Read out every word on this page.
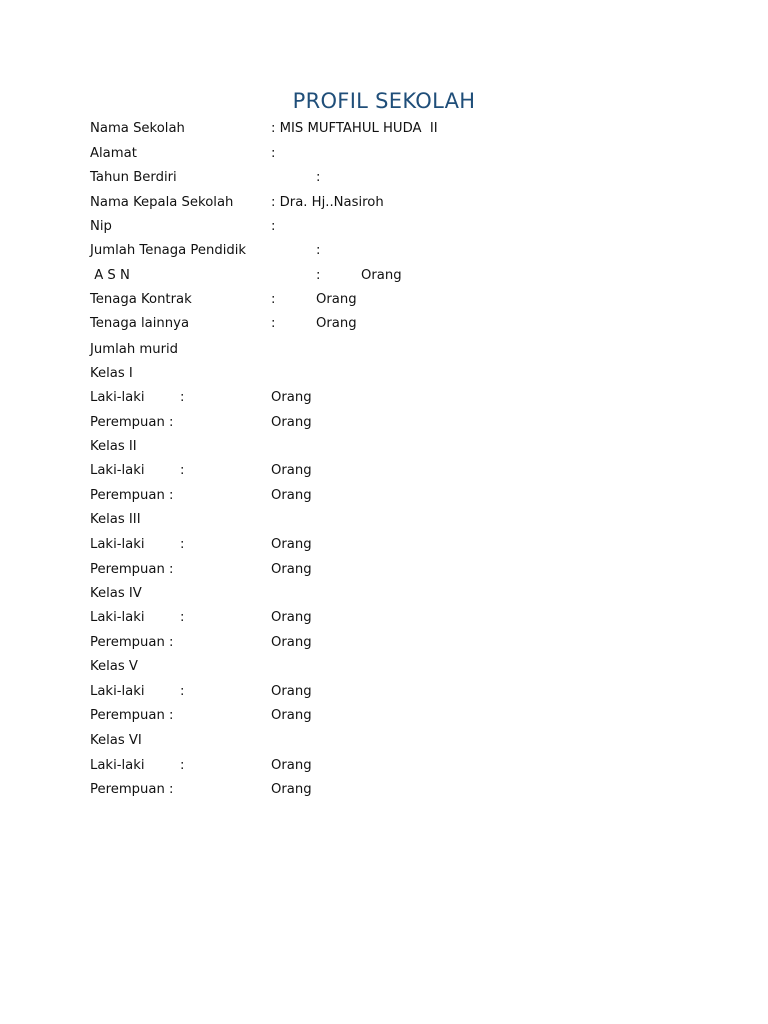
PROFIL SEKOLAH
Nama Sekolah	: MIS MUFTAHUL HUDA  II
Alamat	:
Tahun Berdiri	:
Nama Kepala Sekolah	: Dra. Hj..Nasiroh
Nip	:
Jumlah Tenaga Pendidik	:
A S N	:	Orang
Tenaga Kontrak	:	Orang
Tenaga lainnya	:	Orang
Jumlah murid
Kelas I
Laki-laki	:	Orang
Perempuan :	Orang
Kelas II
Laki-laki	:	Orang
Perempuan :	Orang
Kelas III
Laki-laki	:	Orang
Perempuan :	Orang
Kelas IV
Laki-laki	:	Orang
Perempuan :	Orang
Kelas V
Laki-laki	:	Orang
Perempuan :	Orang
Kelas VI
Laki-laki	:	Orang
Perempuan :	Orang
